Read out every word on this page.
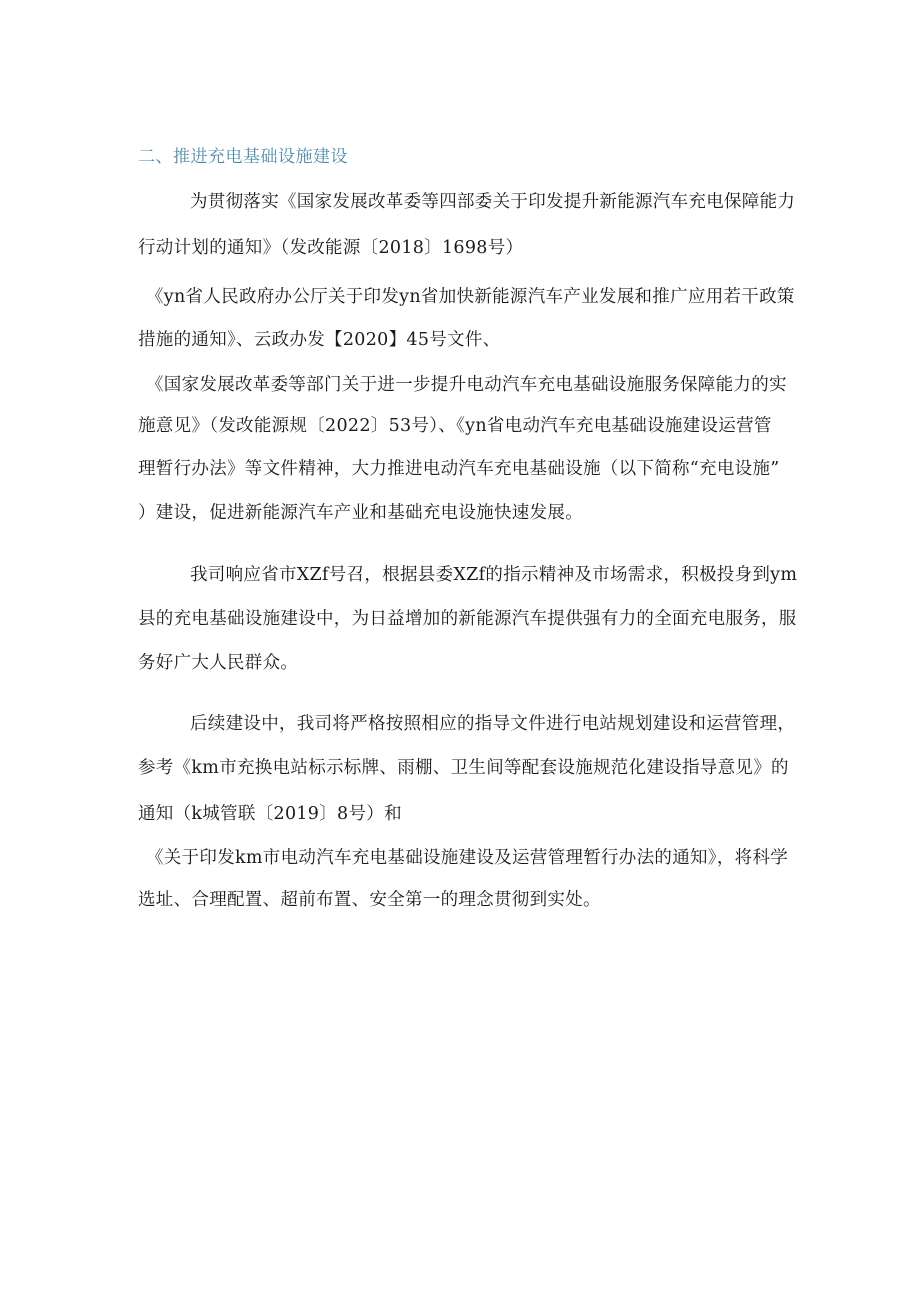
二、推进充电基础设施建设
为贯彻落实《国家发展改革委等四部委关于印发提升新能源汽车充电保障能力
行动计划的通知》（发改能源〔2018〕1698号）
《yn省人民政府办公厅关于印发yn省加快新能源汽车产业发展和推广应用若干政策
措施的通知》、云政办发【2020】45号文件、
《国家发展改革委等部门关于进一步提升电动汽车充电基础设施服务保障能力的实
施意见》（发改能源规〔2022〕53号）、《yn省电动汽车充电基础设施建设运营管
理暂行办法》等文件精神，大力推进电动汽车充电基础设施（以下简称“充电设施”
）建设，促进新能源汽车产业和基础充电设施快速发展。
我司响应省市XZf号召，根据县委XZf的指示精神及市场需求，积极投身到ym
县的充电基础设施建设中，为日益增加的新能源汽车提供强有力的全面充电服务，服
务好广大人民群众。
后续建设中，我司将严格按照相应的指导文件进行电站规划建设和运营管理，
参考《km市充换电站标示标牌、雨棚、卫生间等配套设施规范化建设指导意见》的
通知（k城管联〔2019〕8号）和
《关于印发km市电动汽车充电基础设施建设及运营管理暂行办法的通知》，将科学
选址、合理配置、超前布置、安全第一的理念贯彻到实处。
